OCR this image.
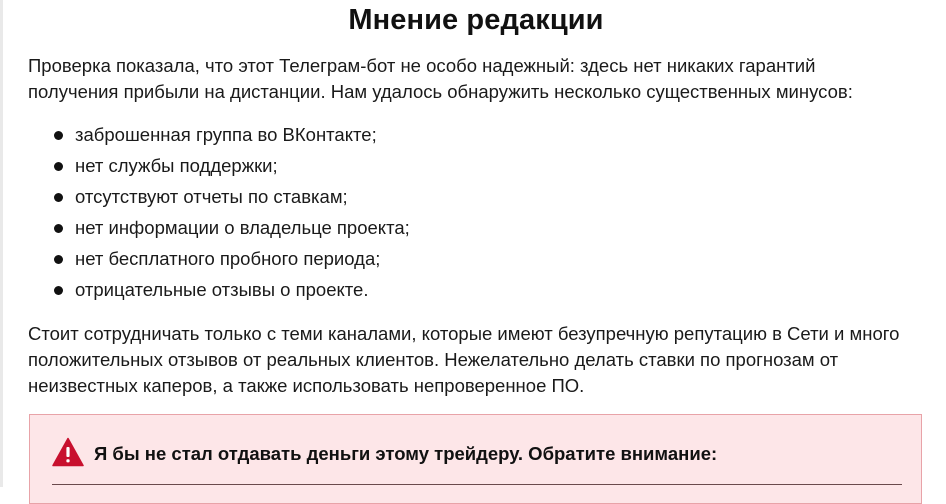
Мнение редакции

Проверка показала, что этот Телеграм-бот не особо надежный: здесь нет никаких гарантий получения прибыли на дистанции. Нам удалось обнаружить несколько существенных минусов:

заброшенная группа во ВКонтакте;
нет службы поддержки;
отсутствуют отчеты по ставкам;
нет информации о владельце проекта;
нет бесплатного пробного периода;
отрицательные отзывы о проекте.

Стоит сотрудничать только с теми каналами, которые имеют безупречную репутацию в Сети и много положительных отзывов от реальных клиентов. Нежелательно делать ставки по прогнозам от неизвестных каперов, а также использовать непроверенное ПО.

Я бы не стал отдавать деньги этому трейдеру. Обратите внимание:
